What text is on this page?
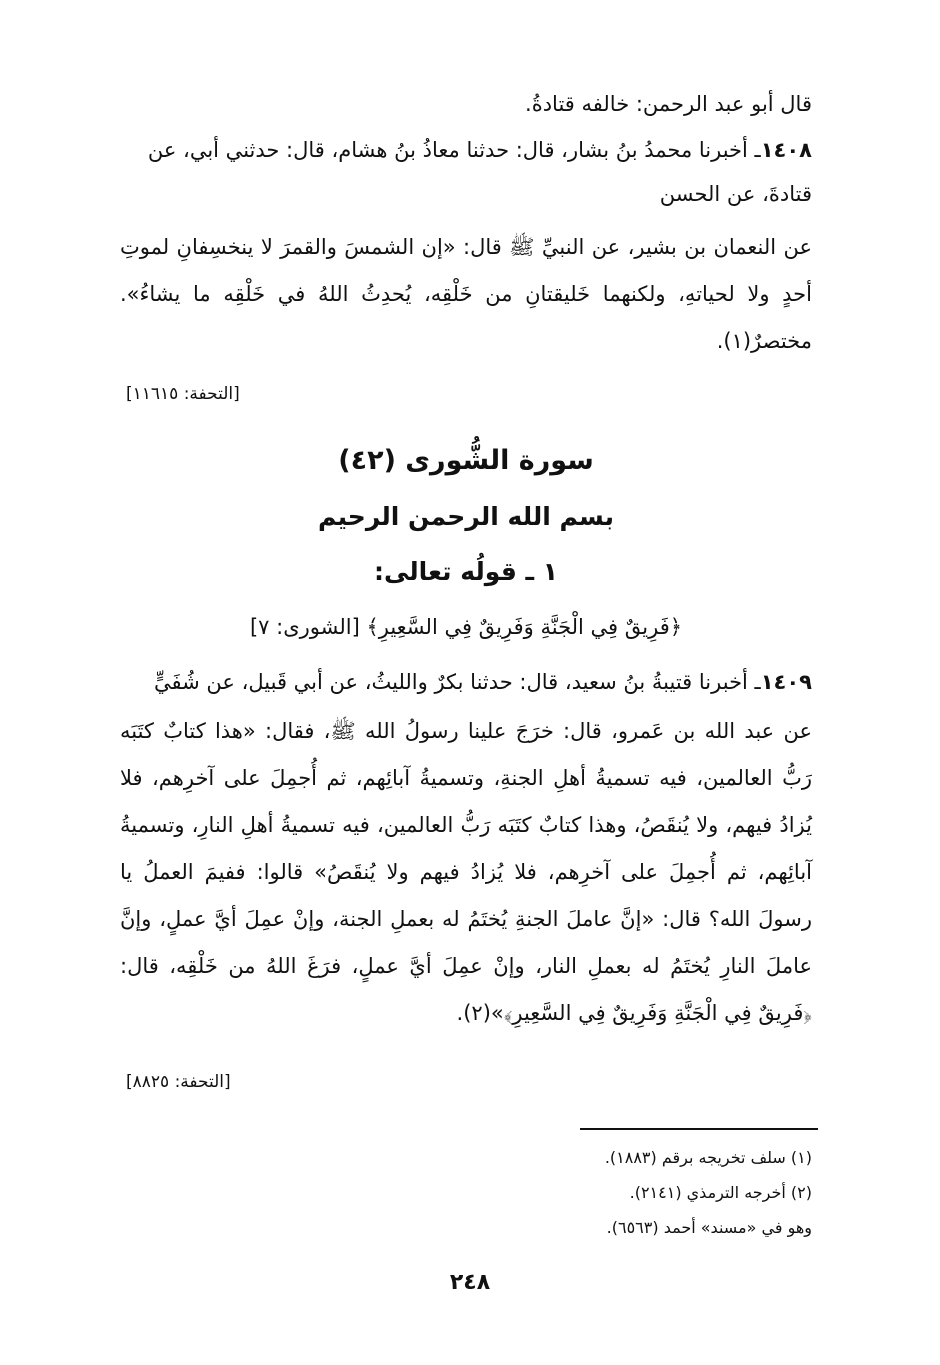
قال أبو عبد الرحمن: خالفه قتادةُ.

١٤٠٨ـ أخبرنا محمدُ بنُ بشار، قال: حدثنا معاذُ بنُ هشام، قال: حدثني أبي، عن قتادةَ، عن الحسن

عن النعمان بن بشير، عن النبيِّ ﷺ قال: «إن الشمسَ والقمرَ لا ينخسِفانِ لموتِ أحدٍ ولا لحياتهِ، ولكنهما خَليقتانِ من خَلْقِه، يُحدِثُ اللهُ في خَلْقِه ما يشاءُ». مختصرٌ(١).

[التحفة: ١١٦١٥]
سورة الشُّورى (٤٢)
بسم الله الرحمن الرحيم
١ ـ قولُه تعالى:
﴿فَرِيقٌ فِي الْجَنَّةِ وَفَرِيقٌ فِي السَّعِيرِ﴾ [الشورى: ٧]

١٤٠٩ـ أخبرنا قتيبةُ بنُ سعيد، قال: حدثنا بكرٌ والليثُ، عن أبي قَبيل، عن شُفَيٍّ

عن عبد الله بن عَمرو، قال: خرَجَ علينا رسولُ الله ﷺ، فقال: «هذا كتابٌ كتَبَه رَبُّ العالمين، فيه تسميةُ أهلِ الجنةِ، وتسميةُ آبائِهم، ثم أُجمِلَ على آخرِهم، فلا يُزادُ فيهم، ولا يُنقَصُ، وهذا كتابٌ كتَبَه رَبُّ العالمين، فيه تسميةُ أهلِ النارِ، وتسميةُ آبائِهم، ثم أُجمِلَ على آخرِهم، فلا يُزادُ فيهم ولا يُنقَصُ» قالوا: ففيمَ العملُ يا رسولَ الله؟ قال: «إنَّ عاملَ الجنةِ يُختَمُ له بعملِ الجنة، وإنْ عمِلَ أيَّ عملٍ، وإنَّ عاملَ النارِ يُختَمُ له بعملِ النار، وإنْ عمِلَ أيَّ عملٍ، فرَغَ اللهُ من خَلْقِه، قال: ﴿فَرِيقٌ فِي الْجَنَّةِ وَفَرِيقٌ فِي السَّعِيرِ﴾»(٢).

[التحفة: ٨٨٢٥]
(١) سلف تخريجه برقم (١٨٨٣).
(٢) أخرجه الترمذي (٢١٤١).
وهو في «مسند» أحمد (٦٥٦٣).
٢٤٨
